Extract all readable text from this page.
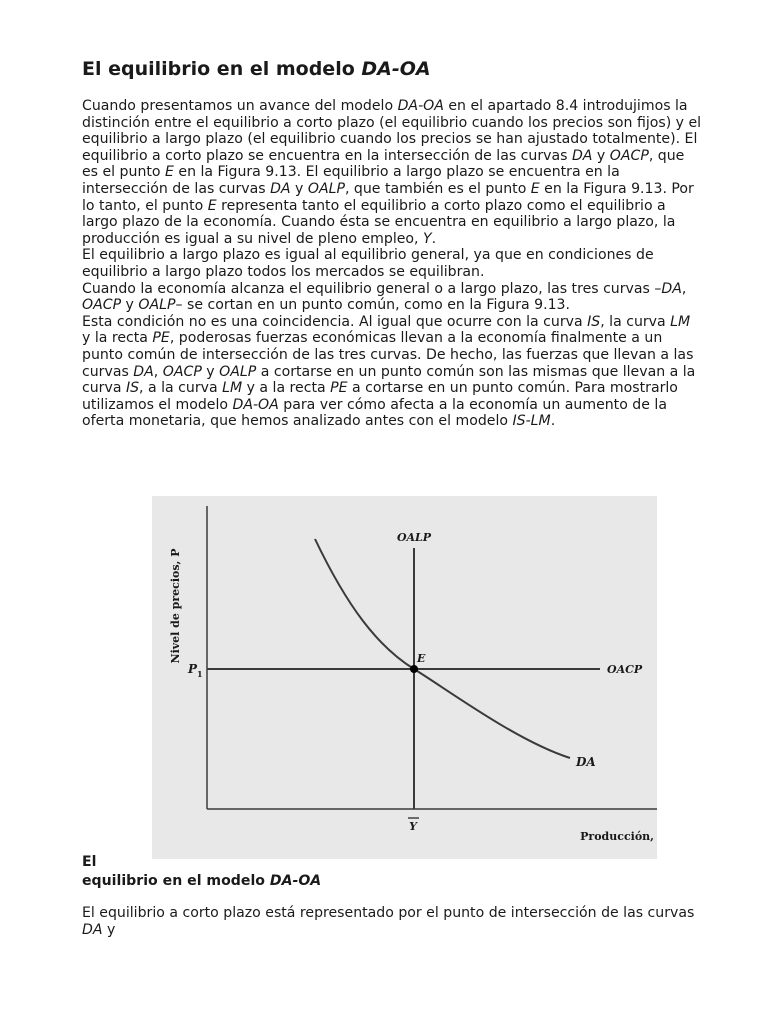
El equilibrio en el modelo DA-OA

Cuando presentamos un avance del modelo DA-OA en el apartado 8.4 introdujimos la distinción entre el equilibrio a corto plazo (el equilibrio cuando los precios son fijos) y el equilibrio a largo plazo (el equilibrio cuando los precios se han ajustado totalmente). El equilibrio a corto plazo se encuentra en la intersección de las curvas DA y OACP, que es el punto E en la Figura 9.13. El equilibrio a largo plazo se encuentra en la intersección de las curvas DA y OALP, que también es el punto E en la Figura 9.13. Por lo tanto, el punto E representa tanto el equilibrio a corto plazo como el equilibrio a largo plazo de la economía. Cuando ésta se encuentra en equilibrio a largo plazo, la producción es igual a su nivel de pleno empleo, Y.

El equilibrio a largo plazo es igual al equilibrio general, ya que en condiciones de equilibrio a largo plazo todos los mercados se equilibran.

Cuando la economía alcanza el equilibrio general o a largo plazo, las tres curvas –DA, OACP y OALP– se cortan en un punto común, como en la Figura 9.13.

Esta condición no es una coincidencia. Al igual que ocurre con la curva IS, la curva LM y la recta PE, poderosas fuerzas económicas llevan a la economía finalmente a un punto común de intersección de las tres curvas. De hecho, las fuerzas que llevan a las curvas DA, OACP y OALP a cortarse en un punto común son las mismas que llevan a la curva IS, a la curva LM y a la recta PE a cortarse en un punto común. Para mostrarlo utilizamos el modelo DA-OA para ver cómo afecta a la economía un aumento de la oferta monetaria, que hemos analizado antes con el modelo IS-LM.

Nivel de precios, P
Producción,
OALP
OACP
DA
E
P 1
Y

El
equilibrio en el modelo DA-OA

El equilibrio a corto plazo está representado por el punto de intersección de las curvas DA y
